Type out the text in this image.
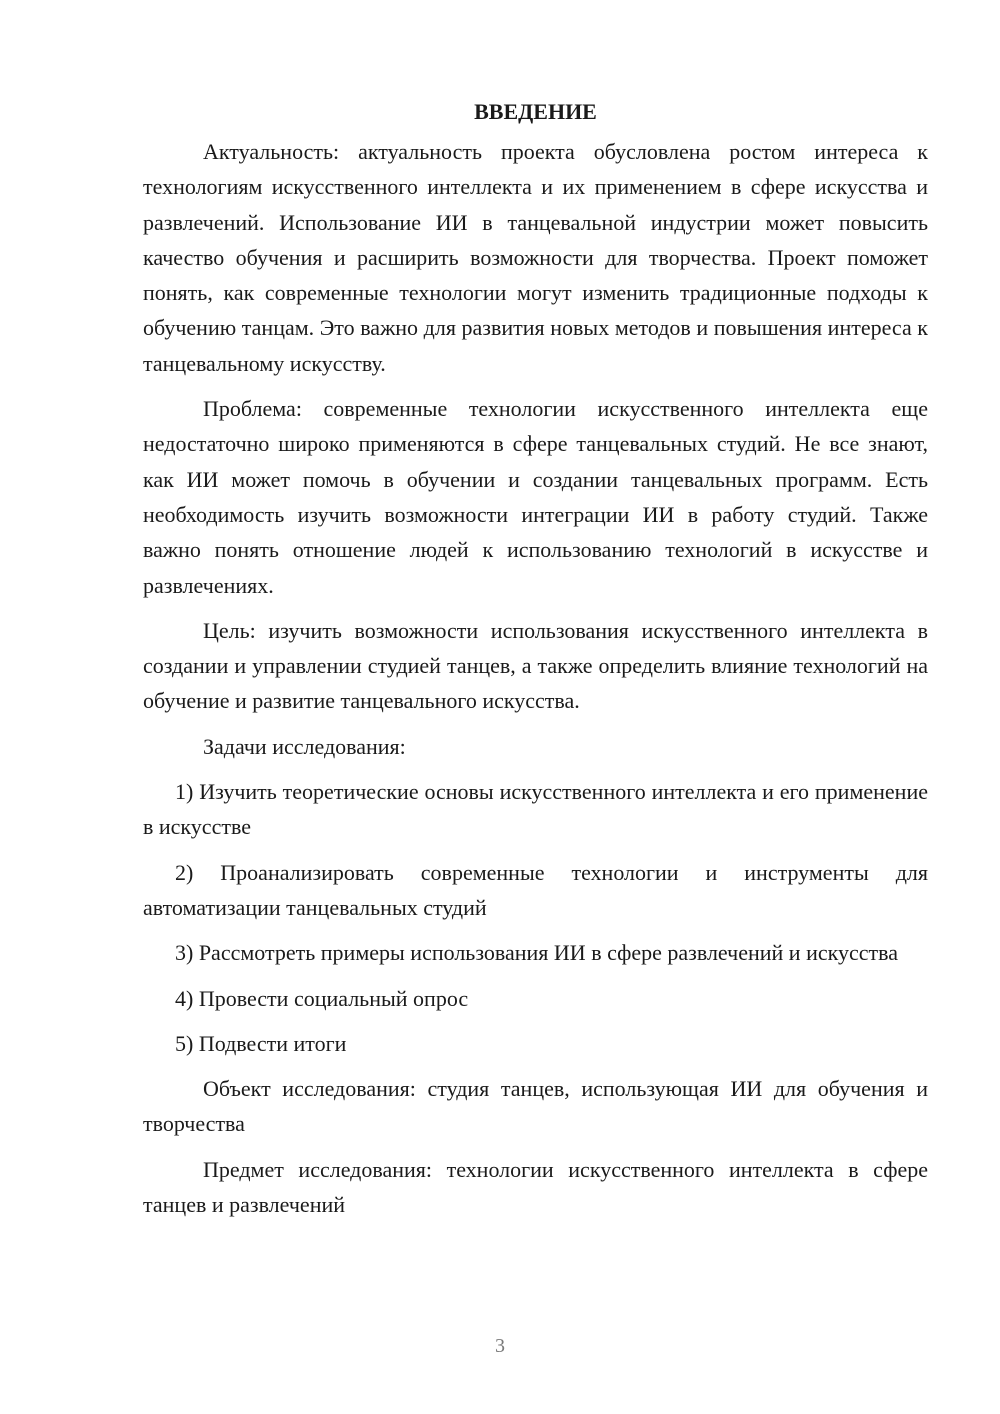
ВВЕДЕНИЕ

Актуальность: актуальность проекта обусловлена ростом интереса к технологиям искусственного интеллекта и их применением в сфере искусства и развлечений. Использование ИИ в танцевальной индустрии может повысить качество обучения и расширить возможности для творчества. Проект поможет понять, как современные технологии могут изменить традиционные подходы к обучению танцам. Это важно для развития новых методов и повышения интереса к танцевальному искусству.

Проблема: современные технологии искусственного интеллекта еще недостаточно широко применяются в сфере танцевальных студий. Не все знают, как ИИ может помочь в обучении и создании танцевальных программ. Есть необходимость изучить возможности интеграции ИИ в работу студий. Также важно понять отношение людей к использованию технологий в искусстве и развлечениях.

Цель: изучить возможности использования искусственного интеллекта в создании и управлении студией танцев, а также определить влияние технологий на обучение и развитие танцевального искусства.

Задачи исследования:

1) Изучить теоретические основы искусственного интеллекта и его применение в искусстве

2) Проанализировать современные технологии и инструменты для автоматизации танцевальных студий

3) Рассмотреть примеры использования ИИ в сфере развлечений и искусства

4) Провести социальный опрос

5) Подвести итоги

Объект исследования: студия танцев, использующая ИИ для обучения и творчества

Предмет исследования: технологии искусственного интеллекта в сфере танцев и развлечений

3
